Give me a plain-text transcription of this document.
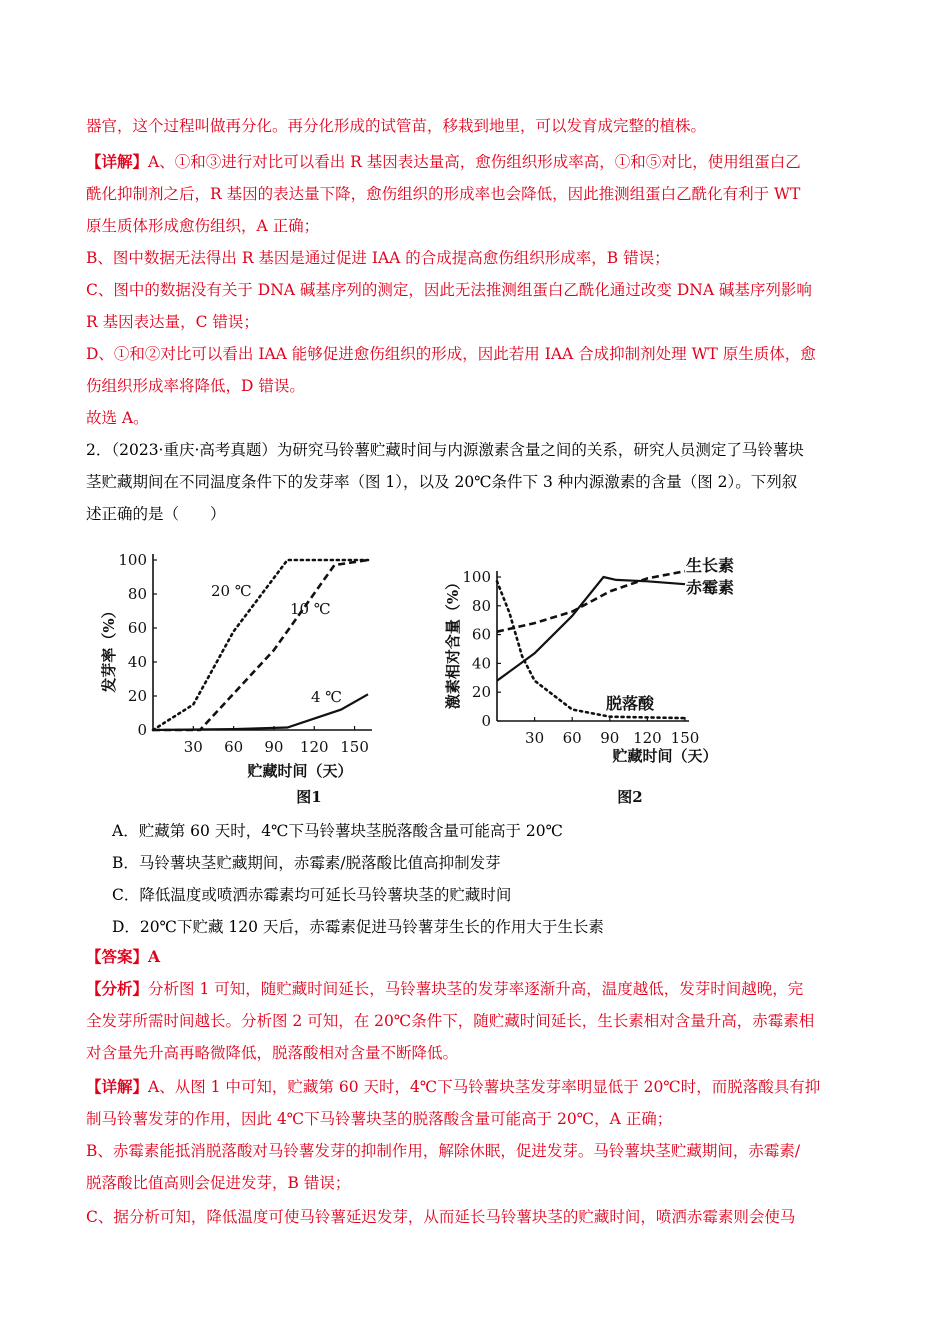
器官，这个过程叫做再分化。再分化形成的试管苗，移栽到地里，可以发育成完整的植株。
【详解】A、①和③进行对比可以看出 R 基因表达量高，愈伤组织形成率高，①和⑤对比，使用组蛋白乙
酰化抑制剂之后，R 基因的表达量下降，愈伤组织的形成率也会降低，因此推测组蛋白乙酰化有利于 WT
原生质体形成愈伤组织，A 正确；
B、图中数据无法得出 R 基因是通过促进 IAA 的合成提高愈伤组织形成率，B 错误；
C、图中的数据没有关于 DNA 碱基序列的测定，因此无法推测组蛋白乙酰化通过改变 DNA 碱基序列影响
R 基因表达量，C 错误；
D、①和②对比可以看出 IAA 能够促进愈伤组织的形成，因此若用 IAA 合成抑制剂处理 WT 原生质体，愈
伤组织形成率将降低，D 错误。
故选 A。
2．（2023·重庆·高考真题）为研究马铃薯贮藏时间与内源激素含量之间的关系，研究人员测定了马铃薯块
茎贮藏期间在不同温度条件下的发芽率（图 1），以及 20℃条件下 3 种内源激素的含量（图 2）。下列叙
述正确的是（　　）
0
20
40
60
80
100
30 60 90 120 150
发芽率（%）
贮藏时间（天）
图1
20 ℃
10 ℃
4 ℃
0
20
40
60
80
100
30 60 90 120 150
激素相对含量（%）
贮藏时间（天）
图2
生长素
赤霉素
脱落酸
A．贮藏第 60 天时，4℃下马铃薯块茎脱落酸含量可能高于 20℃
B．马铃薯块茎贮藏期间，赤霉素/脱落酸比值高抑制发芽
C．降低温度或喷洒赤霉素均可延长马铃薯块茎的贮藏时间
D．20℃下贮藏 120 天后，赤霉素促进马铃薯芽生长的作用大于生长素
【答案】A
【分析】分析图 1 可知，随贮藏时间延长，马铃薯块茎的发芽率逐渐升高，温度越低，发芽时间越晚，完
全发芽所需时间越长。分析图 2 可知，在 20℃条件下，随贮藏时间延长，生长素相对含量升高，赤霉素相
对含量先升高再略微降低，脱落酸相对含量不断降低。
【详解】A、从图 1 中可知，贮藏第 60 天时，4℃下马铃薯块茎发芽率明显低于 20℃时，而脱落酸具有抑
制马铃薯发芽的作用，因此 4℃下马铃薯块茎的脱落酸含量可能高于 20℃，A 正确；
B、赤霉素能抵消脱落酸对马铃薯发芽的抑制作用，解除休眠，促进发芽。马铃薯块茎贮藏期间，赤霉素/
脱落酸比值高则会促进发芽，B 错误；
C、据分析可知，降低温度可使马铃薯延迟发芽，从而延长马铃薯块茎的贮藏时间，喷洒赤霉素则会使马
